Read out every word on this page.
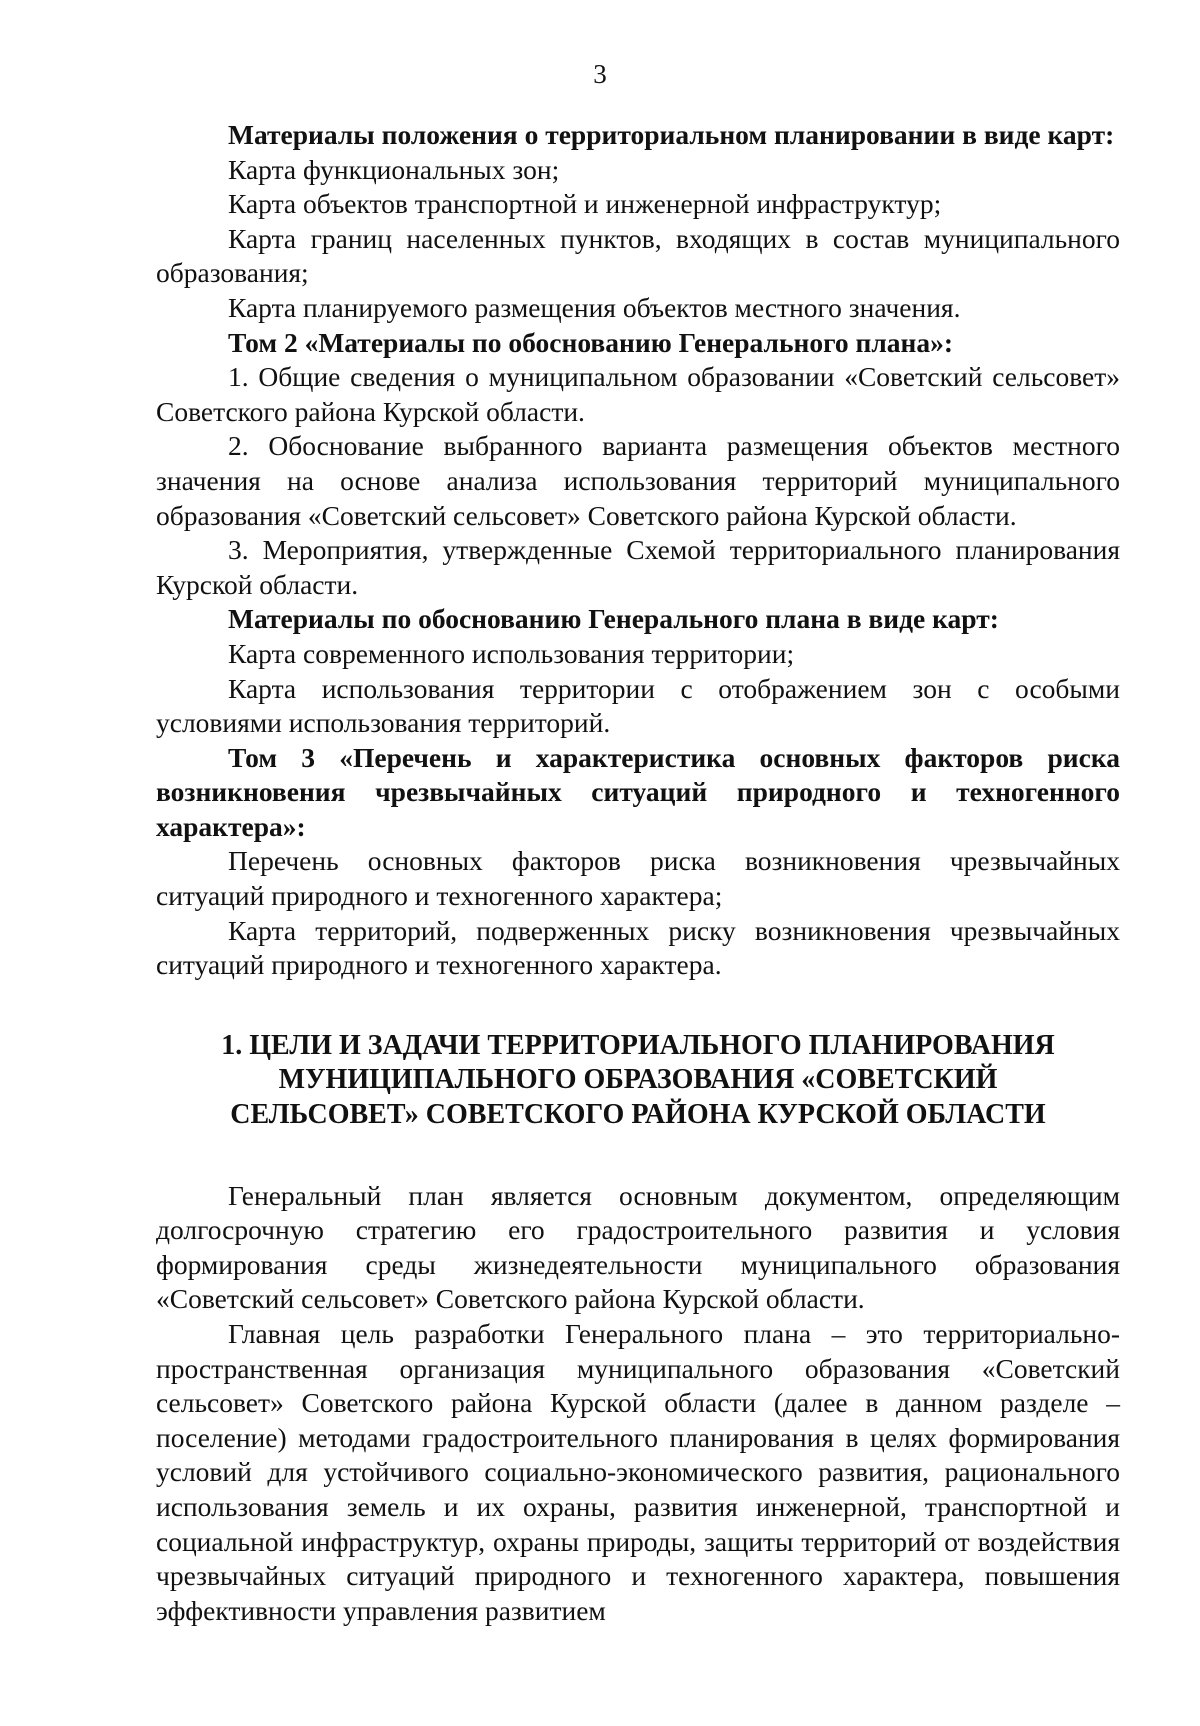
3

Материалы положения о территориальном планировании в виде карт:

Карта функциональных зон;

Карта объектов транспортной и инженерной инфраструктур;

Карта границ населенных пунктов, входящих в состав муниципального образования;

Карта планируемого размещения объектов местного значения.

Том 2 «Материалы по обоснованию Генерального плана»:

1. Общие сведения о муниципальном образовании «Советский сельсовет» Советского района Курской области.

2. Обоснование выбранного варианта размещения объектов местного значения на основе анализа использования территорий муниципального образования «Советский сельсовет» Советского района Курской области.

3. Мероприятия, утвержденные Схемой территориального планирования Курской области.

Материалы по обоснованию Генерального плана в виде карт:

Карта современного использования территории;

Карта использования территории с отображением зон с особыми условиями использования территорий.

Том 3 «Перечень и характеристика основных факторов риска возникновения чрезвычайных ситуаций природного и техногенного характера»:

Перечень основных факторов риска возникновения чрезвычайных ситуаций природного и техногенного характера;

Карта территорий, подверженных риску возникновения чрезвычайных ситуаций природного и техногенного характера.

1. ЦЕЛИ И ЗАДАЧИ ТЕРРИТОРИАЛЬНОГО ПЛАНИРОВАНИЯ
МУНИЦИПАЛЬНОГО ОБРАЗОВАНИЯ «СОВЕТСКИЙ
СЕЛЬСОВЕТ» СОВЕТСКОГО РАЙОНА КУРСКОЙ ОБЛАСТИ

Генеральный план является основным документом, определяющим долгосрочную стратегию его градостроительного развития и условия формирования среды жизнедеятельности муниципального образования «Советский сельсовет» Советского района Курской области.

Главная цель разработки Генерального плана – это территориально-пространственная организация муниципального образования «Советский сельсовет» Советского района Курской области (далее в данном разделе – поселение) методами градостроительного планирования в целях формирования условий для устойчивого социально-экономического развития, рационального использования земель и их охраны, развития инженерной, транспортной и социальной инфраструктур, охраны природы, защиты территорий от воздействия чрезвычайных ситуаций природного и техногенного характера, повышения эффективности управления развитием
